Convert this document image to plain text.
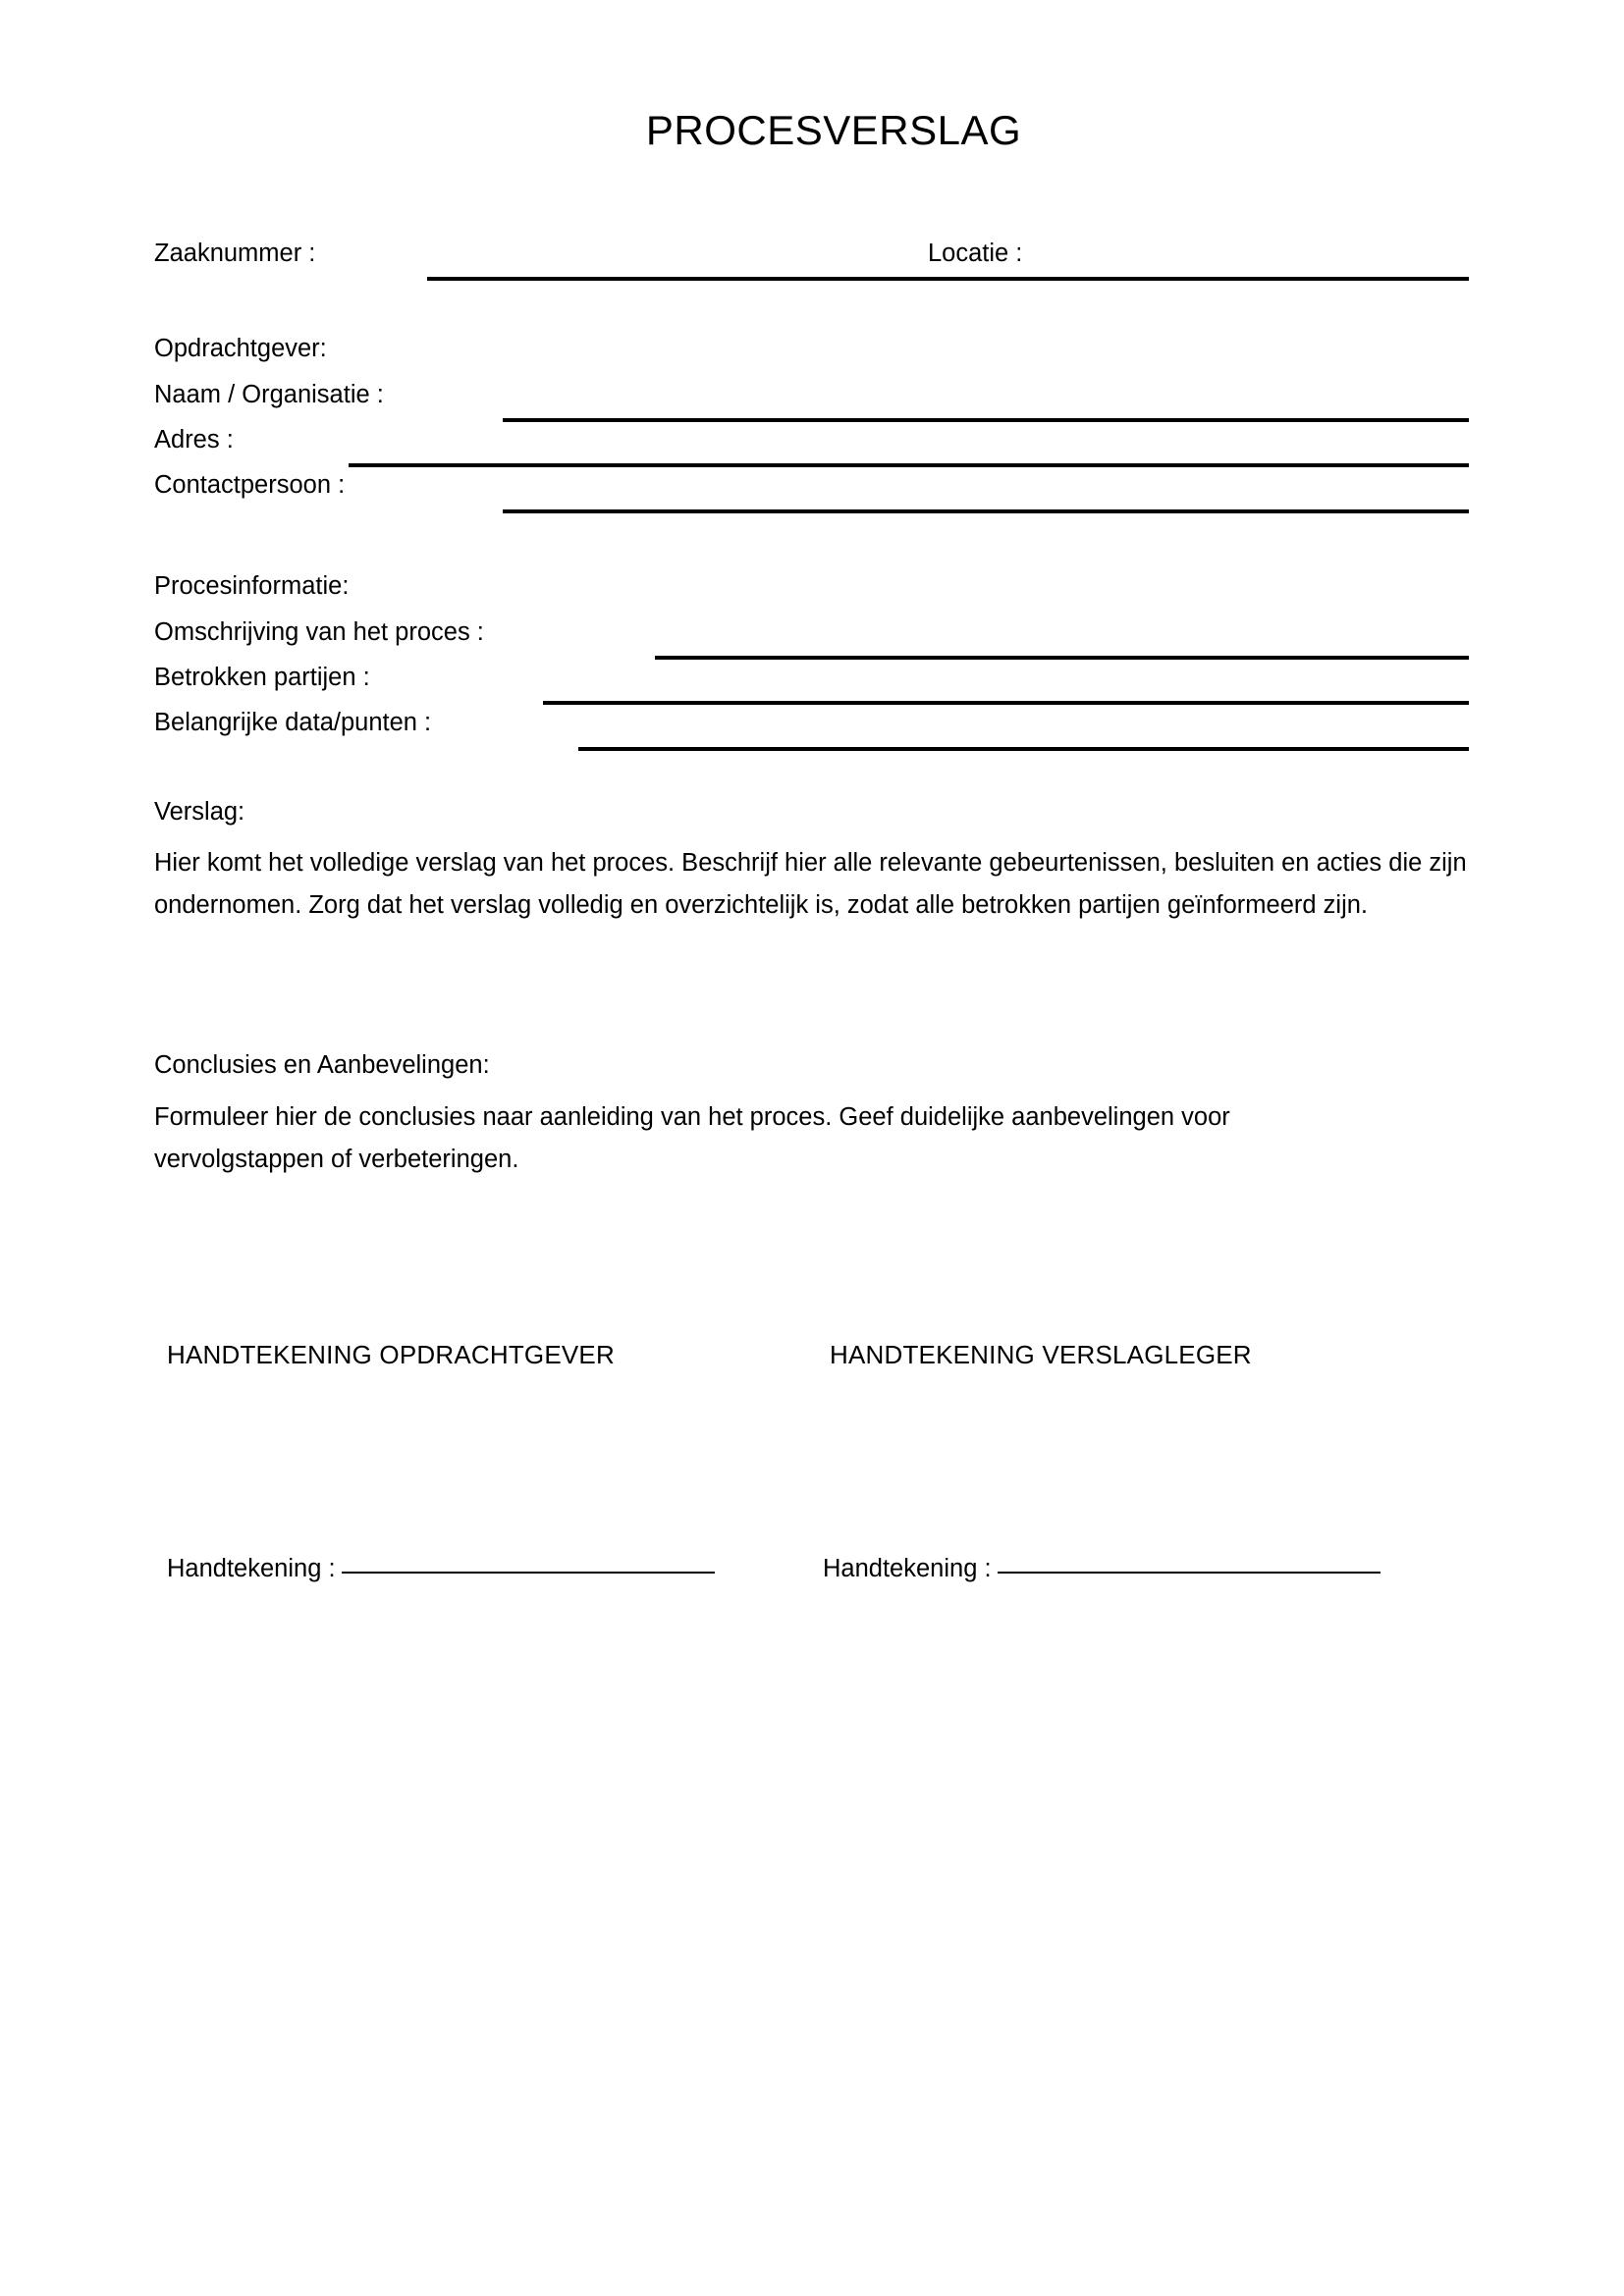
PROCESVERSLAG
Zaaknummer :	Locatie :
Opdrachtgever:
Naam / Organisatie :
Adres :
Contactpersoon :
Procesinformatie:
Omschrijving van het proces :
Betrokken partijen :
Belangrijke data/punten :
Verslag:
Hier komt het volledige verslag van het proces. Beschrijf hier alle relevante gebeurtenissen, besluiten en acties die zijn ondernomen. Zorg dat het verslag volledig en overzichtelijk is, zodat alle betrokken partijen geïnformeerd zijn.
Conclusies en Aanbevelingen:
Formuleer hier de conclusies naar aanleiding van het proces. Geef duidelijke aanbevelingen voor vervolgstappen of verbeteringen.
HANDTEKENING OPDRACHTGEVER	HANDTEKENING VERSLAGLEGER
Handtekening :	Handtekening :
